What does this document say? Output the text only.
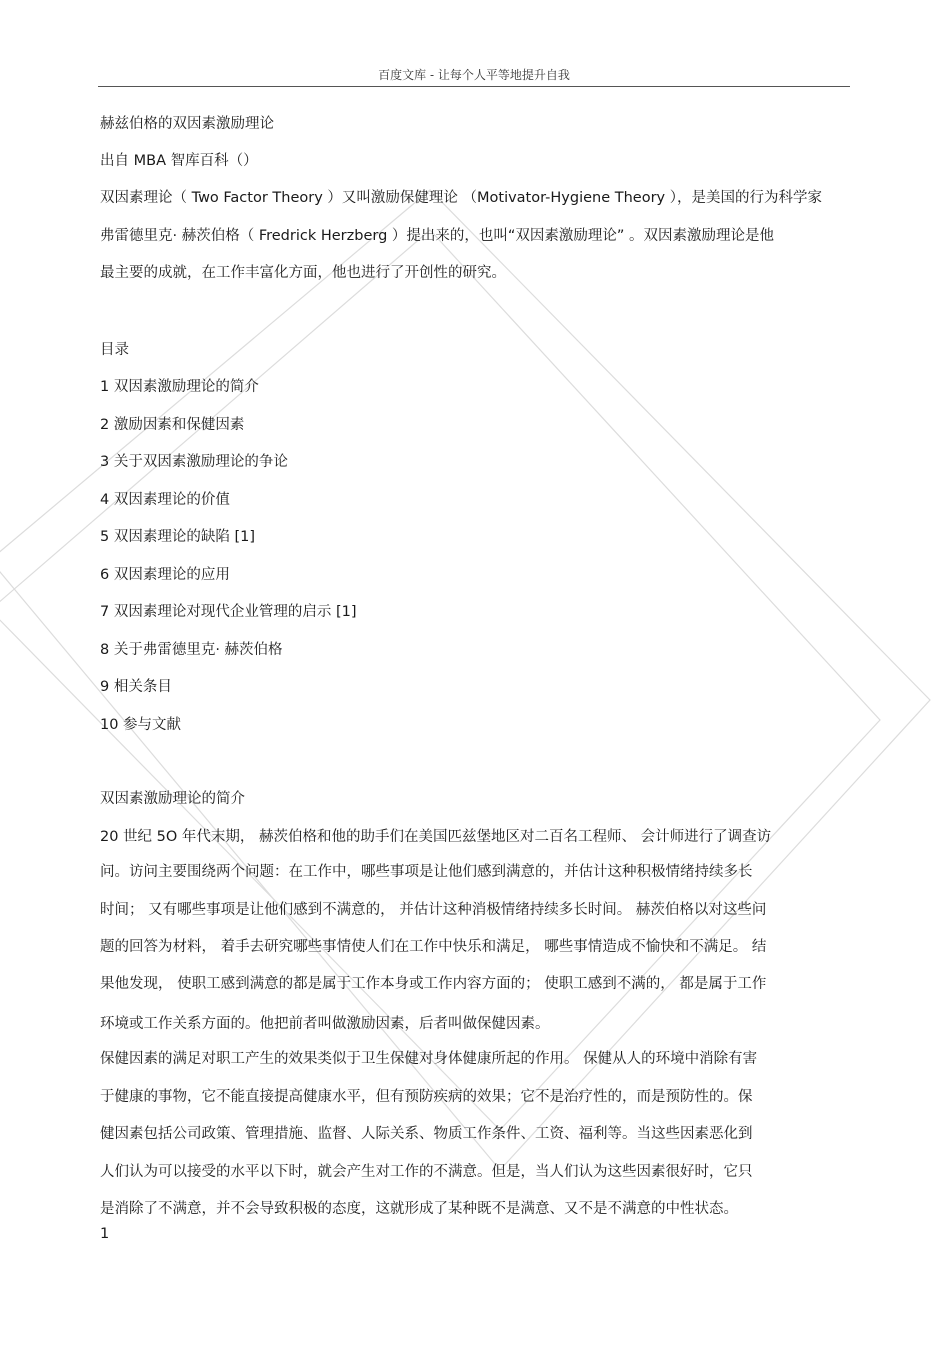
百度文库 - 让每个人平等地提升自我
赫兹伯格的双因素激励理论
出自 MBA 智库百科（）
双因素理论（ Two Factor Theory ）又叫激励保健理论 （Motivator-Hygiene Theory ），是美国的行为科学家
弗雷德里克· 赫茨伯格（ Fredrick Herzberg ）提出来的，也叫“双因素激励理论” 。双因素激励理论是他
最主要的成就，在工作丰富化方面，他也进行了开创性的研究。
目录
1 双因素激励理论的简介
2 激励因素和保健因素
3 关于双因素激励理论的争论
4 双因素理论的价值
5 双因素理论的缺陷 [1]
6 双因素理论的应用
7 双因素理论对现代企业管理的启示 [1]
8 关于弗雷德里克· 赫茨伯格
9 相关条目
10 参与文献
双因素激励理论的简介
20 世纪 5O 年代末期， 赫茨伯格和他的助手们在美国匹兹堡地区对二百名工程师、 会计师进行了调查访
问。访问主要围绕两个问题：在工作中，哪些事项是让他们感到满意的，并估计这种积极情绪持续多长
时间； 又有哪些事项是让他们感到不满意的， 并估计这种消极情绪持续多长时间。 赫茨伯格以对这些问
题的回答为材料， 着手去研究哪些事情使人们在工作中快乐和满足， 哪些事情造成不愉快和不满足。 结
果他发现， 使职工感到满意的都是属于工作本身或工作内容方面的； 使职工感到不满的， 都是属于工作
环境或工作关系方面的。他把前者叫做激励因素，后者叫做保健因素。
保健因素的满足对职工产生的效果类似于卫生保健对身体健康所起的作用。 保健从人的环境中消除有害
于健康的事物，它不能直接提高健康水平，但有预防疾病的效果；它不是治疗性的，而是预防性的。保
健因素包括公司政策、管理措施、监督、人际关系、物质工作条件、工资、福利等。当这些因素恶化到
人们认为可以接受的水平以下时，就会产生对工作的不满意。但是，当人们认为这些因素很好时，它只
是消除了不满意，并不会导致积极的态度，这就形成了某种既不是满意、又不是不满意的中性状态。
1
